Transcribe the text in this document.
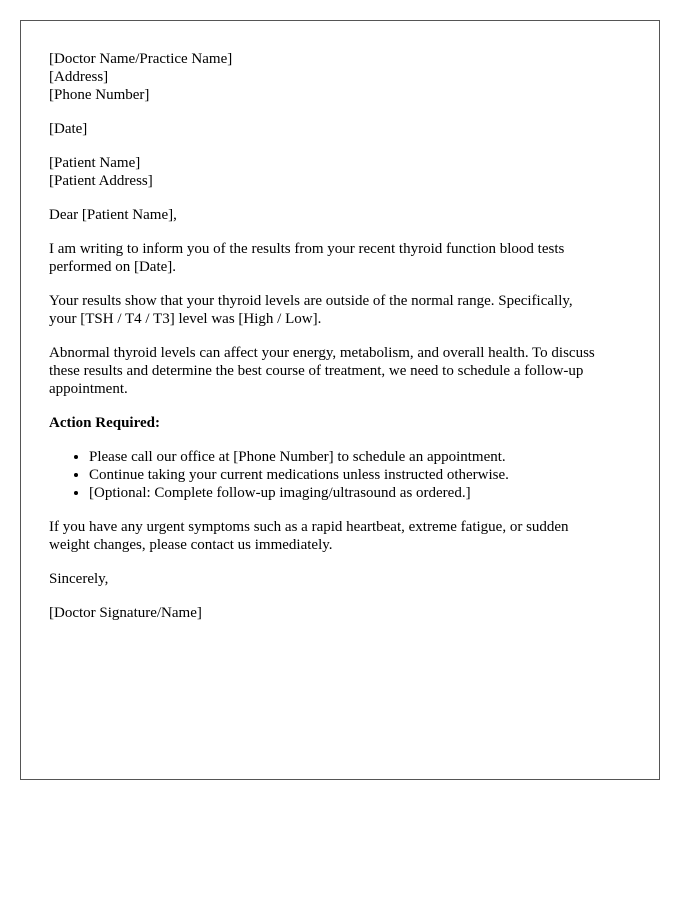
[Doctor Name/Practice Name]
[Address]
[Phone Number]
[Date]
[Patient Name]
[Patient Address]
Dear [Patient Name],
I am writing to inform you of the results from your recent thyroid function blood tests
performed on [Date].
Your results show that your thyroid levels are outside of the normal range. Specifically,
your [TSH / T4 / T3] level was [High / Low].
Abnormal thyroid levels can affect your energy, metabolism, and overall health. To discuss
these results and determine the best course of treatment, we need to schedule a follow-up
appointment.
Action Required:
• Please call our office at [Phone Number] to schedule an appointment.
• Continue taking your current medications unless instructed otherwise.
• [Optional: Complete follow-up imaging/ultrasound as ordered.]
If you have any urgent symptoms such as a rapid heartbeat, extreme fatigue, or sudden
weight changes, please contact us immediately.
Sincerely,
[Doctor Signature/Name]
